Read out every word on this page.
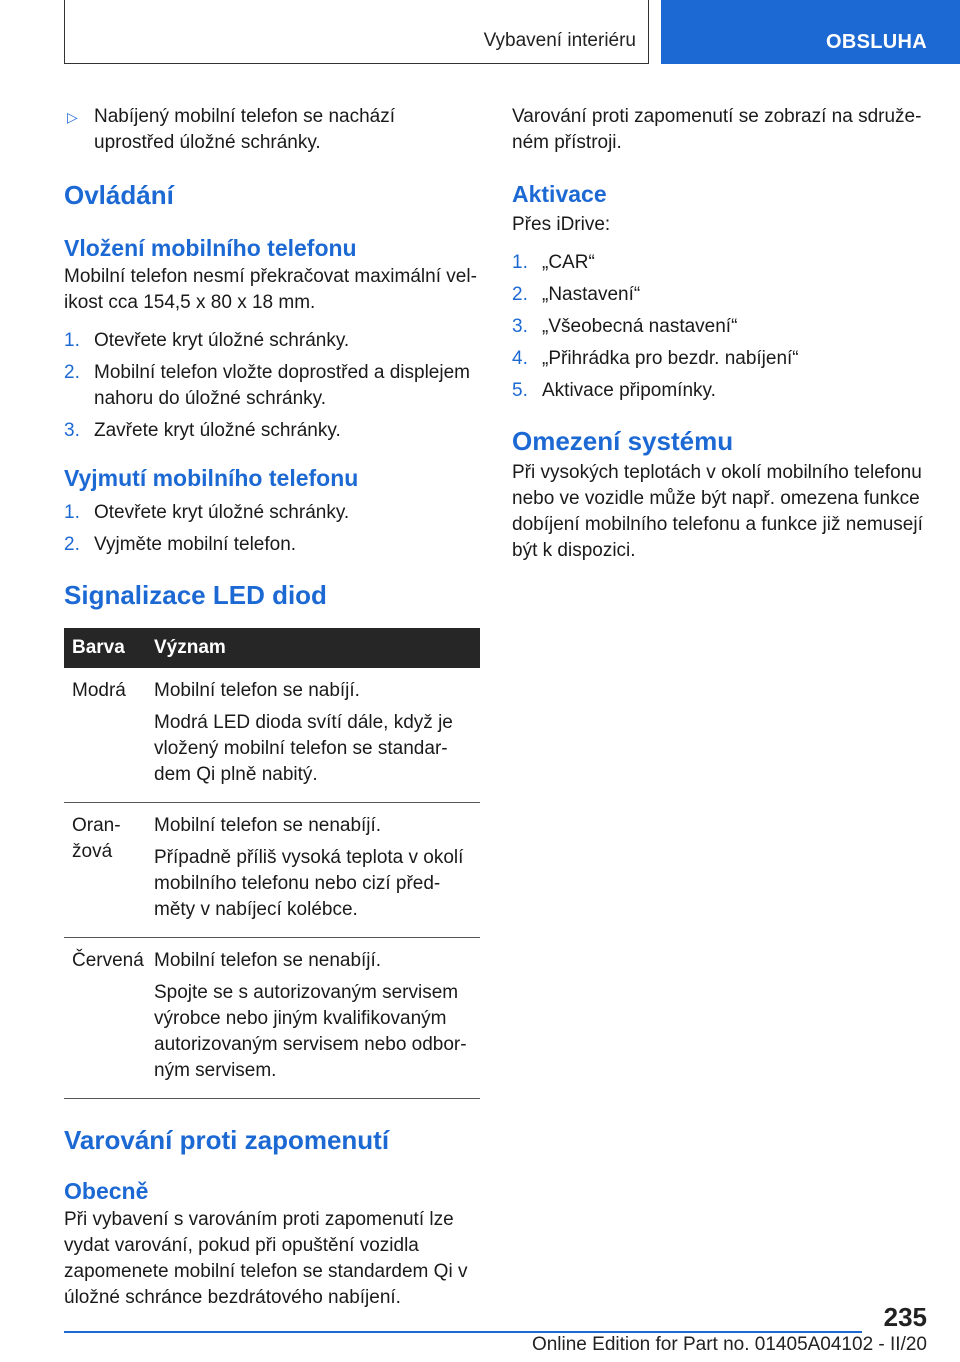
Vybavení interiéru	OBSLUHA
▷ Nabíjený mobilní telefon se nachází uprostřed úložné schránky.
Ovládání
Vložení mobilního telefonu

Mobilní telefon nesmí překračovat maximální velikost cca 154,5 x 80 x 18 mm.

1. Otevřete kryt úložné schránky.
2. Mobilní telefon vložte doprostřed a displejem nahoru do úložné schránky.
3. Zavřete kryt úložné schránky.
Vyjmutí mobilního telefonu
1. Otevřete kryt úložné schránky.
2. Vyjměte mobilní telefon.
Signalizace LED diod
Barva	Význam
Modrá	Mobilní telefon se nabíjí.

Modrá LED dioda svítí dále, když je vložený mobilní telefon se standardem Qi plně nabitý.

Oranžová	Mobilní telefon se nenabíjí.

Případně příliš vysoká teplota v okolí mobilního telefonu nebo cizí předměty v nabíjecí kolébce.

Červená	Mobilní telefon se nenabíjí.

Spojte se s autorizovaným servisem výrobce nebo jiným kvalifikovaným autorizovaným servisem nebo odborným servisem.

Varování proti zapomenutí
Obecně

Při vybavení s varováním proti zapomenutí lze vydat varování, pokud při opuštění vozidla zapomenete mobilní telefon se standardem Qi v úložné schránce bezdrátového nabíjení.

Varování proti zapomenutí se zobrazí na sdruženém přístroji.

Aktivace

Přes iDrive:

1. „CAR“
2. „Nastavení“
3. „Všeobecná nastavení“
4. „Přihrádka pro bezdr. nabíjení“
5. Aktivace připomínky.
Omezení systému

Při vysokých teplotách v okolí mobilního telefonu nebo ve vozidle může být např. omezena funkce dobíjení mobilního telefonu a funkce již nemusejí být k dispozici.

235
Online Edition for Part no. 01405A04102 - II/20
